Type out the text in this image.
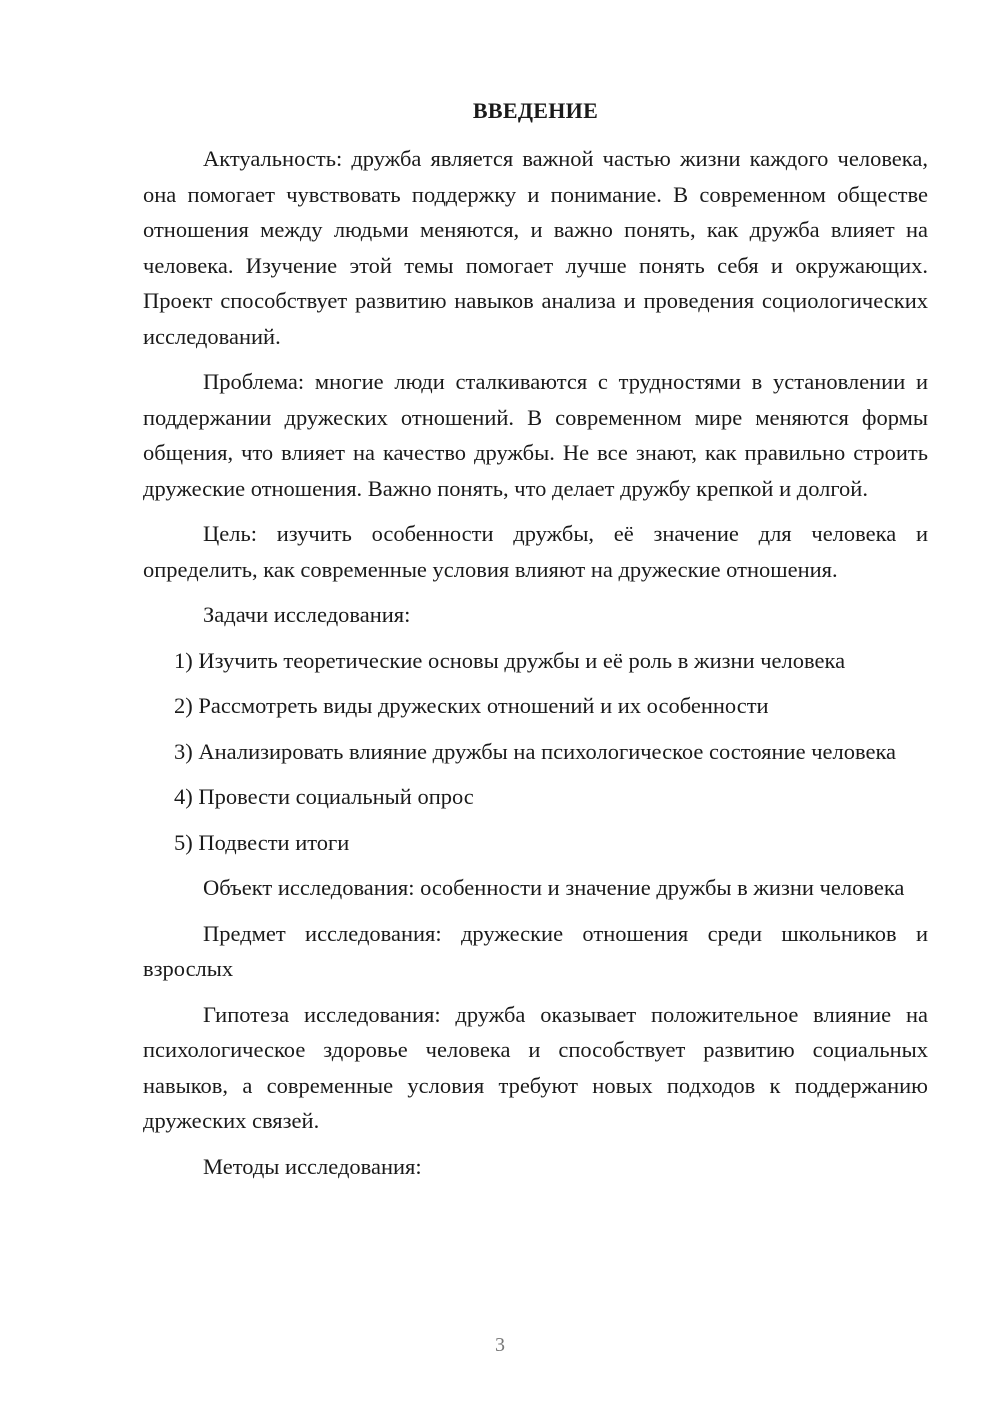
ВВЕДЕНИЕ

Актуальность: дружба является важной частью жизни каждого человека, она помогает чувствовать поддержку и понимание. В современном обществе отношения между людьми меняются, и важно понять, как дружба влияет на человека. Изучение этой темы помогает лучше понять себя и окружающих. Проект способствует развитию навыков анализа и проведения социологических исследований.

Проблема: многие люди сталкиваются с трудностями в установлении и поддержании дружеских отношений. В современном мире меняются формы общения, что влияет на качество дружбы. Не все знают, как правильно строить дружеские отношения. Важно понять, что делает дружбу крепкой и долгой.

Цель: изучить особенности дружбы, её значение для человека и определить, как современные условия влияют на дружеские отношения.

Задачи исследования:

1) Изучить теоретические основы дружбы и её роль в жизни человека

2) Рассмотреть виды дружеских отношений и их особенности

3) Анализировать влияние дружбы на психологическое состояние человека

4) Провести социальный опрос

5) Подвести итоги

Объект исследования: особенности и значение дружбы в жизни человека

Предмет исследования: дружеские отношения среди школьников и взрослых

Гипотеза исследования: дружба оказывает положительное влияние на психологическое здоровье человека и способствует развитию социальных навыков, а современные условия требуют новых подходов к поддержанию дружеских связей.

Методы исследования:

3
